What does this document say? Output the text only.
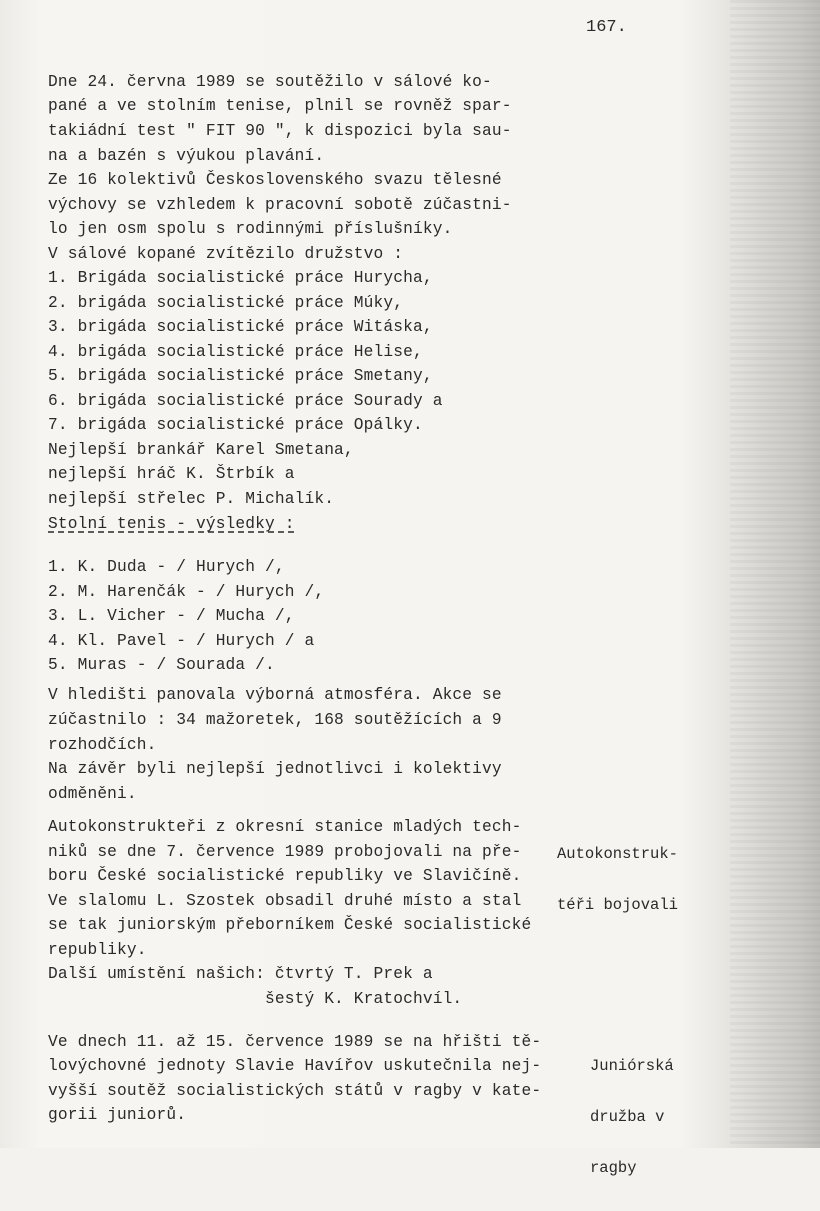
167.
Dne 24. června 1989 se soutěžilo v sálové ko-
pané a ve stolním tenise, plnil se rovněž spar-
takiádní test " FIT 90 ", k dispozici byla sau-
na a bazén s výukou plavání.
Ze 16 kolektivů Československého svazu tělesné
výchovy se vzhledem k pracovní sobotě zúčastni-
lo jen osm spolu s rodinnými příslušníky.
V sálové kopané zvítězilo družstvo :
1. Brigáda socialistické práce Hurycha,
2. brigáda socialistické práce Múky,
3. brigáda socialistické práce Witáska,
4. brigáda socialistické práce Helise,
5. brigáda socialistické práce Smetany,
6. brigáda socialistické práce Sourady a
7. brigáda socialistické práce Opálky.
Nejlepší brankář Karel Smetana,
nejlepší hráč K. Štrbík a
nejlepší střelec P. Michalík.
Stolní tenis - výsledky :
1. K. Duda - / Hurych /,
2. M. Harenčák - / Hurych /,
3. L. Vicher - / Mucha /,
4. Kl. Pavel - / Hurych / a
5. Muras - / Sourada /.
V hledišti panovala výborná atmosféra. Akce se
zúčastnilo : 34 mažoretek, 168 soutěžících a 9
rozhodčích.
Na závěr byli nejlepší jednotlivci i kolektivy
odměněni.
Autokonstrukteři z okresní stanice mladých tech-
niků se dne 7. července 1989 probojovali na pře-
boru České socialistické republiky ve Slavičíně.
Ve slalomu L. Szostek obsadil druhé místo a stal
se tak juniorským přeborníkem České socialistické
republiky.
Další umístění našich: čtvrtý T. Prek a
šestý K. Kratochvíl.
Ve dnech 11. až 15. července 1989 se na hřišti tě-
lovýchovné jednoty Slavie Havířov uskutečnila nej-
vyšší soutěž socialistických států v ragby v kate-
gorii juniorů.

Autokonstruk-

téři bojovali

Juniórská

družba v

ragby
